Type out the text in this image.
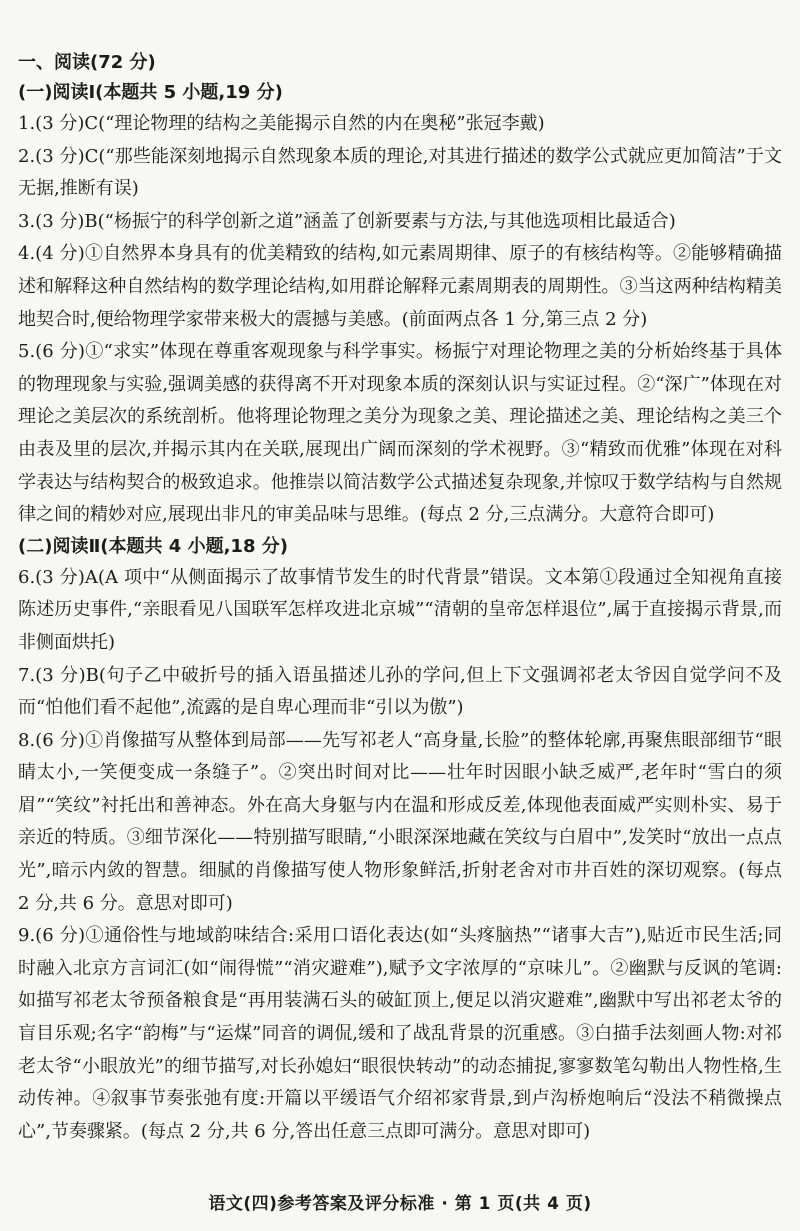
一、阅读(72 分)

(一)阅读Ⅰ(本题共 5 小题,19 分)

1.(3 分)C(“理论物理的结构之美能揭示自然的内在奥秘”张冠李戴)

2.(3 分)C(“那些能深刻地揭示自然现象本质的理论,对其进行描述的数学公式就应更加简洁”于文无据,推断有误)

3.(3 分)B(“杨振宁的科学创新之道”涵盖了创新要素与方法,与其他选项相比最适合)

4.(4 分)①自然界本身具有的优美精致的结构,如元素周期律、原子的有核结构等。②能够精确描述和解释这种自然结构的数学理论结构,如用群论解释元素周期表的周期性。③当这两种结构精美地契合时,便给物理学家带来极大的震撼与美感。(前面两点各 1 分,第三点 2 分)

5.(6 分)①“求实”体现在尊重客观现象与科学事实。杨振宁对理论物理之美的分析始终基于具体的物理现象与实验,强调美感的获得离不开对现象本质的深刻认识与实证过程。②“深广”体现在对理论之美层次的系统剖析。他将理论物理之美分为现象之美、理论描述之美、理论结构之美三个由表及里的层次,并揭示其内在关联,展现出广阔而深刻的学术视野。③“精致而优雅”体现在对科学表达与结构契合的极致追求。他推崇以简洁数学公式描述复杂现象,并惊叹于数学结构与自然规律之间的精妙对应,展现出非凡的审美品味与思维。(每点 2 分,三点满分。大意符合即可)

(二)阅读Ⅱ(本题共 4 小题,18 分)

6.(3 分)A(A 项中“从侧面揭示了故事情节发生的时代背景”错误。文本第①段通过全知视角直接陈述历史事件,“亲眼看见八国联军怎样攻进北京城”“清朝的皇帝怎样退位”,属于直接揭示背景,而非侧面烘托)

7.(3 分)B(句子乙中破折号的插入语虽描述儿孙的学问,但上下文强调祁老太爷因自觉学问不及而“怕他们看不起他”,流露的是自卑心理而非“引以为傲”)

8.(6 分)①肖像描写从整体到局部——先写祁老人“高身量,长脸”的整体轮廓,再聚焦眼部细节“眼睛太小,一笑便变成一条缝子”。②突出时间对比——壮年时因眼小缺乏威严,老年时“雪白的须眉”“笑纹”衬托出和善神态。外在高大身躯与内在温和形成反差,体现他表面威严实则朴实、易于亲近的特质。③细节深化——特别描写眼睛,“小眼深深地藏在笑纹与白眉中”,发笑时“放出一点点光”,暗示内敛的智慧。细腻的肖像描写使人物形象鲜活,折射老舍对市井百姓的深切观察。(每点 2 分,共 6 分。意思对即可)

9.(6 分)①通俗性与地域韵味结合:采用口语化表达(如“头疼脑热”“诸事大吉”),贴近市民生活;同时融入北京方言词汇(如“闹得慌”“消灾避难”),赋予文字浓厚的“京味儿”。②幽默与反讽的笔调:如描写祁老太爷预备粮食是“再用装满石头的破缸顶上,便足以消灾避难”,幽默中写出祁老太爷的盲目乐观;名字“韵梅”与“运煤”同音的调侃,缓和了战乱背景的沉重感。③白描手法刻画人物:对祁老太爷“小眼放光”的细节描写,对长孙媳妇“眼很快转动”的动态捕捉,寥寥数笔勾勒出人物性格,生动传神。④叙事节奏张弛有度:开篇以平缓语气介绍祁家背景,到卢沟桥炮响后“没法不稍微操点心”,节奏骤紧。(每点 2 分,共 6 分,答出任意三点即可满分。意思对即可)

语文(四)参考答案及评分标准 · 第 1 页(共 4 页)
